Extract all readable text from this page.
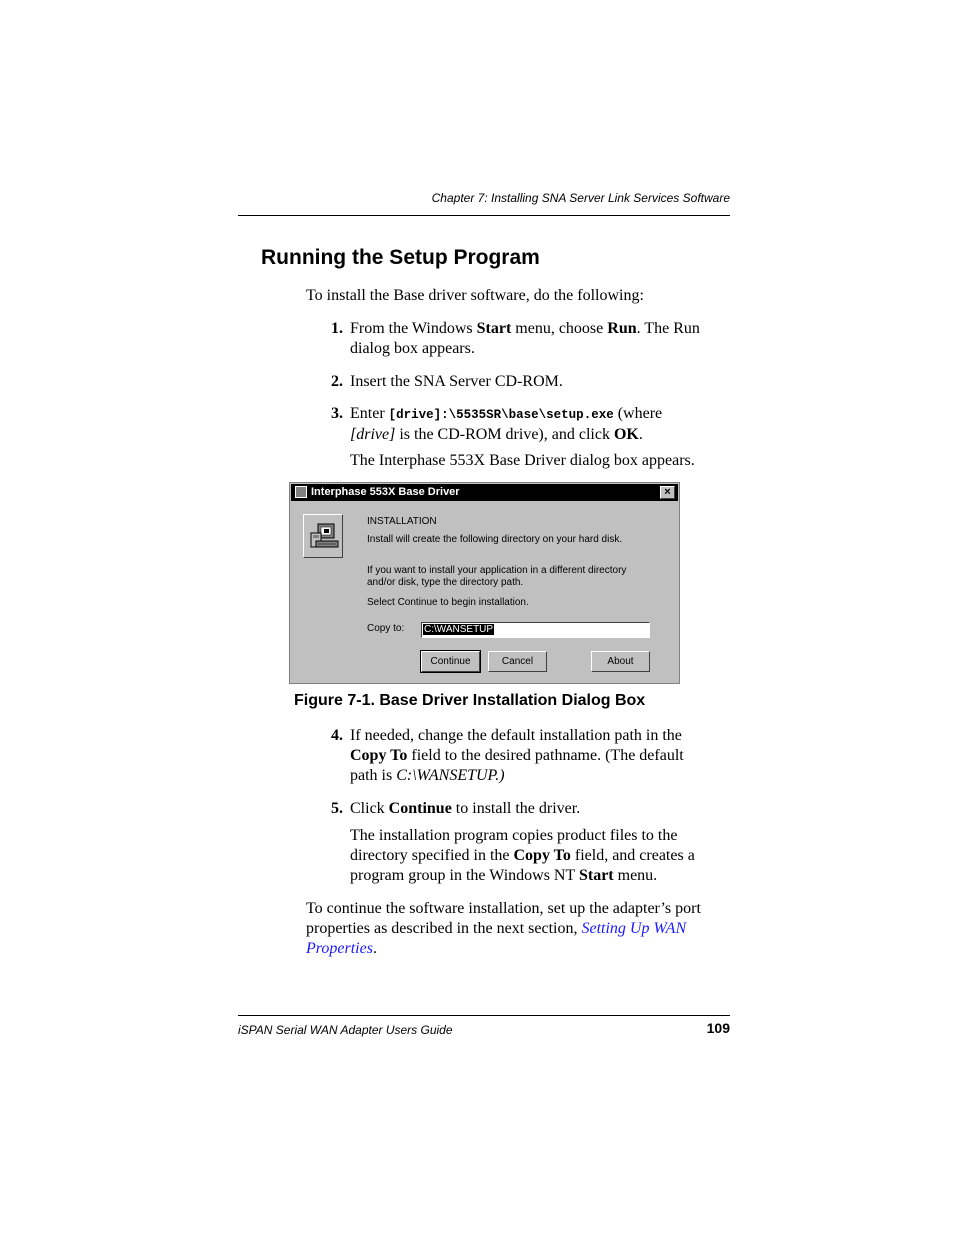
Chapter 7: Installing SNA Server Link Services Software
Running the Setup Program
To install the Base driver software, do the following:
1. From the Windows Start menu, choose Run. The Run
dialog box appears.
2. Insert the SNA Server CD-ROM.
3. Enter [drive]:\5535SR\base\setup.exe (where
[drive] is the CD-ROM drive), and click OK.
The Interphase 553X Base Driver dialog box appears.
Interphase 553X Base Driver	×
INSTALLATION
Install will create the following directory on your hard disk.
If you want to install your application in a different directory
and/or disk, type the directory path.
Select Continue to begin installation.
Copy to:	C:\WANSETUP
Continue	Cancel	About
Figure 7-1. Base Driver Installation Dialog Box
4. If needed, change the default installation path in the
Copy To field to the desired pathname. (The default
path is C:\WANSETUP.)
5. Click Continue to install the driver.
The installation program copies product files to the
directory specified in the Copy To field, and creates a
program group in the Windows NT Start menu.
To continue the software installation, set up the adapter’s port
properties as described in the next section, Setting Up WAN
Properties.
iSPAN Serial WAN Adapter Users Guide	109
